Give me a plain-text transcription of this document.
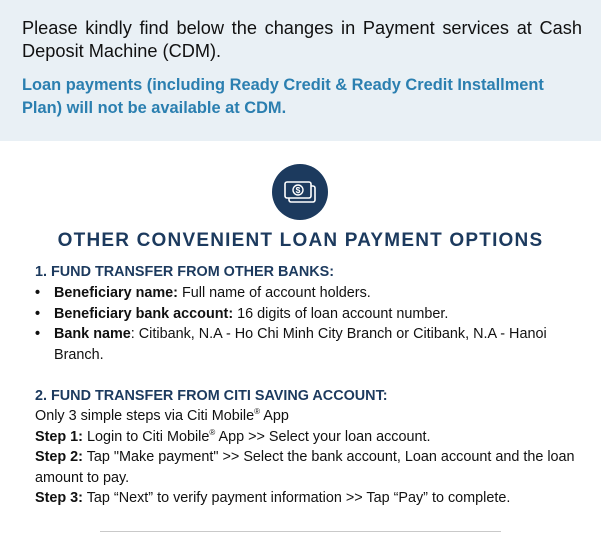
Please kindly find below the changes in Payment services at Cash Deposit Machine (CDM).

Loan payments (including Ready Credit & Ready Credit Installment Plan) will not be available at CDM.

$
OTHER CONVENIENT LOAN PAYMENT OPTIONS

1. FUND TRANSFER FROM OTHER BANKS:

• Beneficiary name: Full name of account holders.
• Beneficiary bank account: 16 digits of loan account number.
• Bank name: Citibank, N.A - Ho Chi Minh City Branch or Citibank, N.A - Hanoi Branch.

2. FUND TRANSFER FROM CITI SAVING ACCOUNT:

Only 3 simple steps via Citi Mobile® App

Step 1: Login to Citi Mobile® App >> Select your loan account.

Step 2: Tap "Make payment" >> Select the bank account, Loan account and the loan amount to pay.

Step 3: Tap “Next” to verify payment information >> Tap “Pay” to complete.
